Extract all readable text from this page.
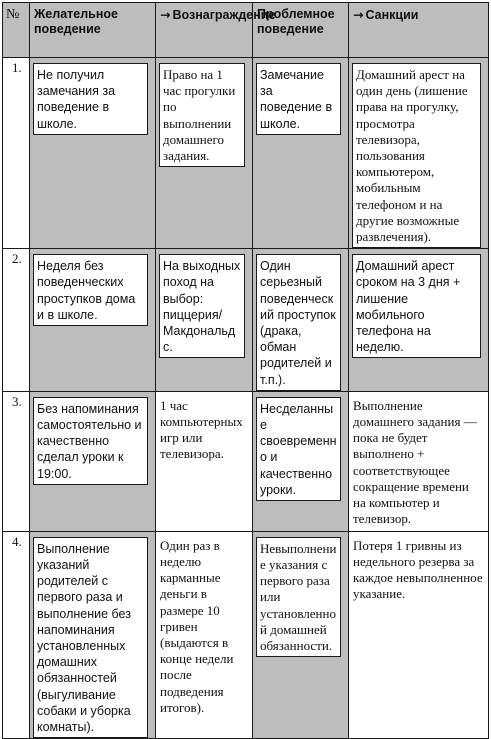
№	Желательное поведение	→ Вознаграждение	Проблемное поведение	→ Санкции

1.	Не получил замечания за поведение в школе.	Право на 1 час прогулки по выполнении домашнего задания.	Замечание за поведение в школе.	Домашний арест на один день (лишение права на прогулку, просмотра телевизора, пользования компьютером, мобильным телефоном и на другие возможные развлечения).

2.	Неделя без поведенческих проступков дома и в школе.	На выходных поход на выбор: пиццерия/ Макдональдс.	Один серьезный поведенческий проступок (драка, обман родителей и т.п.).	Домашний арест сроком на 3 дня + лишение мобильного телефона на неделю.

3.	Без напоминания самостоятельно и качественно сделал уроки к 19:00.	1 час компьютерных игр или телевизора.	Несделанные своевременно и качественно уроки.	Выполнение домашнего задания — пока не будет выполнено + соответствующее сокращение времени на компьютер и телевизор.

4.	Выполнение указаний родителей с первого раза и выполнение без напоминания установленных домашних обязанностей (выгуливание собаки и уборка комнаты).	Один раз в неделю карманные деньги в размере 10 гривен (выдаются в конце недели после подведения итогов).	Невыполнение указания с первого раза или установленной домашней обязанности.	Потеря 1 гривны из недельного резерва за каждое невыполненное указание.
